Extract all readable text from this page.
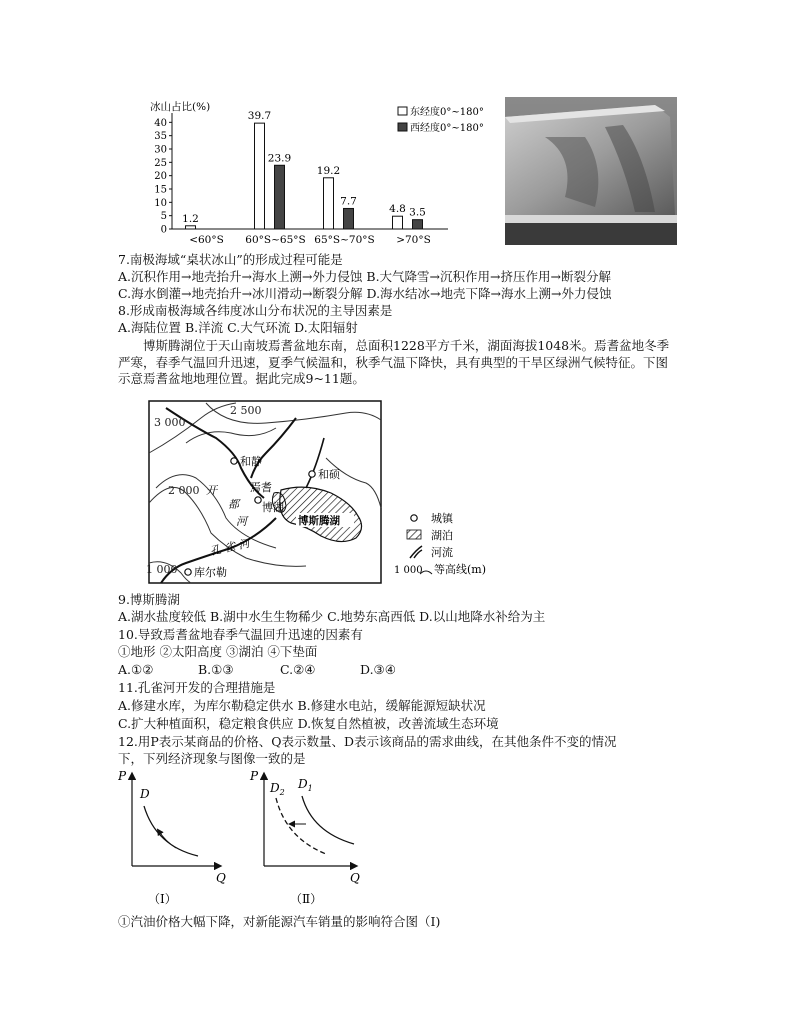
冰山占比(%)
0
5
10
15
20
25
30
35
40
<60°S
1.2
60°S~65°S
39.7
23.9
65°S~70°S
19.2
7.7
>70°S
4.8 3.5
东经度0°~180°
西经度0°~180°
7.南极海域“桌状冰山”的形成过程可能是
A.沉积作用→地壳抬升→海水上溯→外力侵蚀 B.大气降雪→沉积作用→挤压作用→断裂分解
C.海水倒灌→地壳抬升→冰川滑动→断裂分解 D.海水结冰→地壳下降→海水上溯→外力侵蚀
8.形成南极海域各纬度冰山分布状况的主导因素是
A.海陆位置 B.洋流 C.大气环流 D.太阳辐射
博斯腾湖位于天山南坡焉耆盆地东南，总面积1228平方千米，湖面海拔1048米。焉耆盆地冬季严寒，春季气温回升迅速，夏季气候温和，秋季气温下降快，具有典型的干旱区绿洲气候特征。下图示意焉耆盆地地理位置。据此完成9~11题。
博斯腾湖
和静
和硕
焉耆
博湖
库尔勒
开
都
河
孔 雀 河
3 000
2 500
2 000
1 000
城镇
湖泊
河流
1 000 等高线(m)
9.博斯腾湖
A.湖水盐度较低 B.湖中水生生物稀少 C.地势东高西低 D.以山地降水补给为主
10.导致焉耆盆地春季气温回升迅速的因素有
①地形 ②太阳高度 ③湖泊 ④下垫面
A.①②	B.①③	C.②④	D.③④
11.孔雀河开发的合理措施是
A.修建水库，为库尔勒稳定供水 B.修建水电站，缓解能源短缺状况
C.扩大种植面积，稳定粮食供应 D.恢复自然植被，改善流域生态环境
12.用P表示某商品的价格、Q表示数量、D表示该商品的需求曲线，在其他条件不变的情况
下，下列经济现象与图像一致的是
P
Q
D
（Ⅰ）
P
Q
$D_2$
$D_1$
（Ⅱ）
①汽油价格大幅下降，对新能源汽车销量的影响符合图（I)
